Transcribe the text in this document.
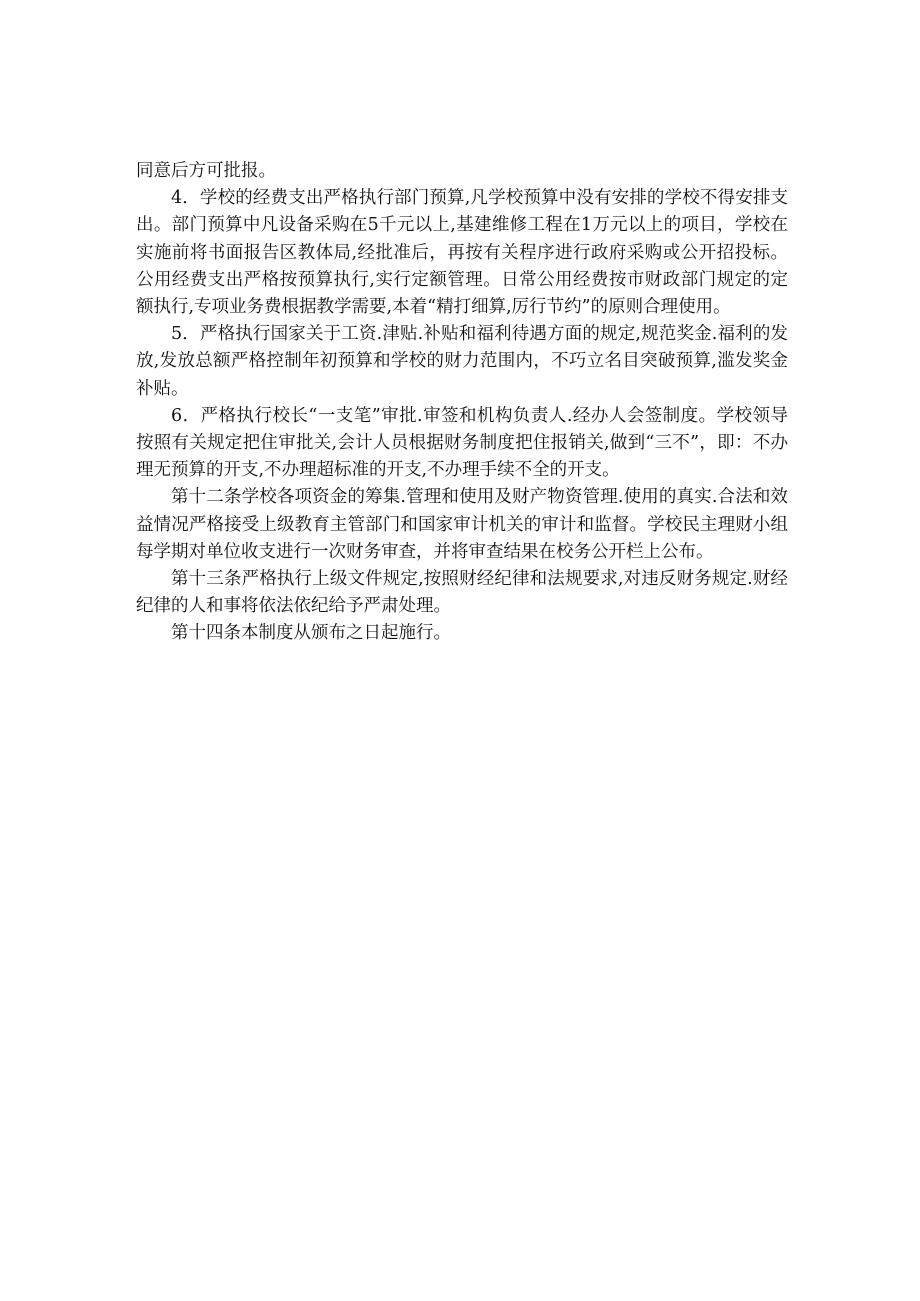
同意后方可批报。

4．学校的经费支出严格执行部门预算,凡学校预算中没有安排的学校不得安排支出。部门预算中凡设备采购在5千元以上,基建维修工程在1万元以上的项目，学校在实施前将书面报告区教体局,经批准后，再按有关程序进行政府采购或公开招投标。公用经费支出严格按预算执行,实行定额管理。日常公用经费按市财政部门规定的定额执行,专项业务费根据教学需要,本着“精打细算,厉行节约”的原则合理使用。

5．严格执行国家关于工资.津贴.补贴和福利待遇方面的规定,规范奖金.福利的发放,发放总额严格控制年初预算和学校的财力范围内，不巧立名目突破预算,滥发奖金补贴。

6．严格执行校长“一支笔”审批.审签和机构负责人.经办人会签制度。学校领导按照有关规定把住审批关,会计人员根据财务制度把住报销关,做到“三不”，即：不办理无预算的开支,不办理超标准的开支,不办理手续不全的开支。

第十二条学校各项资金的筹集.管理和使用及财产物资管理.使用的真实.合法和效益情况严格接受上级教育主管部门和国家审计机关的审计和监督。学校民主理财小组每学期对单位收支进行一次财务审查，并将审查结果在校务公开栏上公布。

第十三条严格执行上级文件规定,按照财经纪律和法规要求,对违反财务规定.财经纪律的人和事将依法依纪给予严肃处理。

第十四条本制度从颁布之日起施行。
